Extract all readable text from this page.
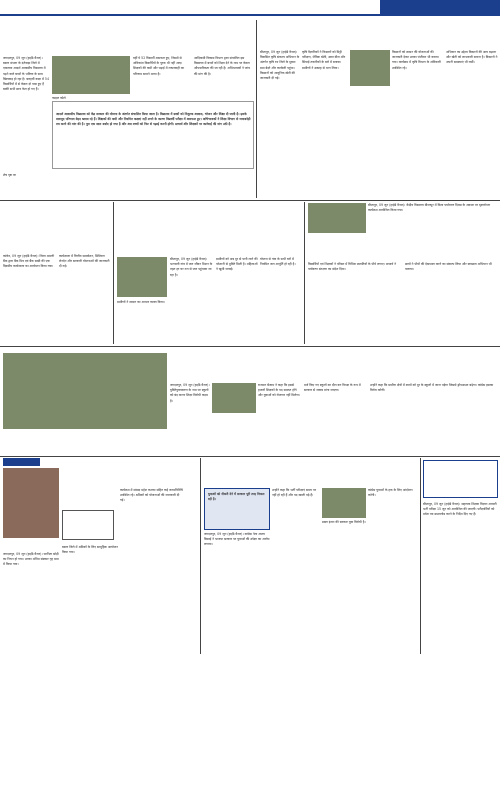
जगदलपुर, 09 जून (हाईडे वैनल)। बस्तर संभाग के दंतेवाड़ा जिले में एकलव्य आदर्श आवासीय विद्यालय में पढ़ने वाले बच्चों के भविष्य के साथ खिलवाड़ हो रहा है। बारहवीं कक्षा में 54 विद्यार्थियों में से केवल दो पास हुए हैं बाकी सभी छात्र फेल हो गए हैं।
फाइल फोटो
वहीं ये 52 विद्यार्थी असफल हुए, जिसमें से अधिकांश विद्यार्थियों के पूरक भी नहीं आए। शिक्षकों की कमी और पढ़ाई में लापरवाही का परिणाम सामने आया है।
आदिवासी विकास विभाग द्वारा संचालित इस विद्यालय में बच्चों को शिक्षा देने के नाम पर केवल औपचारिकता की जा रही है। अभिभावकों ने जांच की मांग की है।
आदर्श आवासीय विद्यालय को केंद्र सरकार की योजना के अंतर्गत संचालित किया जाता है। विद्यालय में छात्रों को निशुल्क आवास, भोजन और शिक्षा दी जाती है। इसके बावजूद परिणाम बेहद खराब रहे हैं। शिक्षकों की कमी और नियमित कक्षाएं नहीं लगने के कारण विद्यार्थी परीक्षा में असफल हुए। अभिभावकों ने शिक्षा विभाग से जवाबदेही तय करने की मांग की है। पूरा एक साल बर्बाद हो गया है और अब बच्चों को फिर से पढ़ाई करनी होगी। प्राचार्य और शिक्षकों पर कार्रवाई की मांग उठी है।
शेष पृष्ठ पर
बीजापुर, 09 जून (हाईडे वैनल)। विकसित कृषि संकल्प अभियान के अंतर्गत कृषि रथ जिले के दूरस्थ ग्राम बेदरे और करकेली पहुंचा। किसानों को आधुनिक खेती की जानकारी दी गई।
कृषि वैज्ञानिकों ने किसानों को मिट्टी परीक्षण, जैविक खेती, उन्नत बीज और सिंचाई तकनीकों के बारे में बताया। ग्रामीणों ने उत्साह से भाग लिया।
किसानों को शासन की योजनाओं की जानकारी देकर उनका पंजीयन भी कराया गया। कार्यक्रम में कृषि विभाग के अधिकारी उपस्थित रहे।
अभियान का उद्देश्य किसानों की आय बढ़ाना और खेती को लाभकारी बनाना है। किसानों ने अपनी समस्याएं भी रखीं।
कांकेर, 09 जून (हाईडे वैनल)। जिला अग्रणी बैंक द्वारा बैंक मित्र एवं बैंक सखी की एक दिवसीय कार्यशाला का आयोजन किया गया।
कार्यशाला में वित्तीय समावेशन, डिजिटल लेनदेन और सरकारी योजनाओं की जानकारी दी गई।
बीजापुर, 09 जून (हाईडे वैनल)। भटपाली गांव में जल जीवन मिशन के तहत हर घर नल से जल पहुंचाया जा रहा है।
ग्रामीणों को अब दूर से पानी लाने की परेशानी से मुक्ति मिली है। महिलाओं ने खुशी जताई।
योजना से गांव के सभी घरों में नियमित जल आपूर्ति हो रही है।
ग्रामीणों ने शासन का आभार व्यक्त किया।
बीजापुर, 09 जून (हाईडे वैनल)। केंद्रीय विद्यालय बीजापुर में विश्व पर्यावरण दिवस के अवसर पर वृक्षारोपण कार्यक्रम आयोजित किया गया।
विद्यार्थियों एवं शिक्षकों ने परिसर में विभिन्न प्रजातियों के पौधे लगाए। प्राचार्य ने पर्यावरण संरक्षण का संदेश दिया।
छात्रों ने पौधों की देखभाल करने का संकल्प लिया और स्वच्छता अभियान भी चलाया।
जगदलपुर, 09 जून (हाईडे वैनल)। युक्तियुक्तकरण के नाम पर स्कूलों को बंद करना शिक्षा विरोधी कदम है।
राजमन बेंजाम ने कहा कि इससे हजारों शिक्षकों के पद समाप्त होंगे और युवाओं को रोजगार नहीं मिलेगा।
मर्ज किए गए स्कूलों का दौरा कर विपक्ष के रूप में सरकार से जवाब मांगा जाएगा।
उन्होंने कहा कि ग्रामीण क्षेत्रों में बच्चों को दूर के स्कूलों में जाना पड़ेगा जिससे ड्रॉपआउट बढ़ेगा। कांग्रेस इसका विरोध करेगी।
जगदलपुर, 09 जून (हाईडे वैनल)। फानिता सोड़ी का निधन हो गया। उनका अंतिम संस्कार गृह ग्राम में किया गया।
बस्तर जिले में श्रमिकों के लिए सामूहिक आयोजन किया गया।
कार्यक्रम में सांसद महेश कश्यप सहित कई जनप्रतिनिधि उपस्थित रहे। श्रमिकों को योजनाओं की जानकारी दी गई।
युवाओं को नौकरी देने में सरकार पूरी तरह विफल रही है।
जगदलपुर, 09 जून (हाईडे वैनल)। कांग्रेस नेता अजय बिसाई ने भाजपा सरकार पर युवाओं की उपेक्षा का आरोप लगाया।
उन्होंने कहा कि भर्ती परीक्षाएं समय पर नहीं हो रही हैं और पद खाली पड़े हैं।
डबल इंजन की सरकार युवा विरोधी है।
कांग्रेस युवाओं के हक के लिए आंदोलन करेगी।
बीजापुर, 09 जून (हाईडे वैनल)। सहायक शिक्षक विज्ञान आधारी भर्ती परीक्षा 15 जून को आयोजित की जाएगी। परीक्षार्थियों को प्रवेश पत्र डाउनलोड करने के निर्देश दिए गए हैं।
